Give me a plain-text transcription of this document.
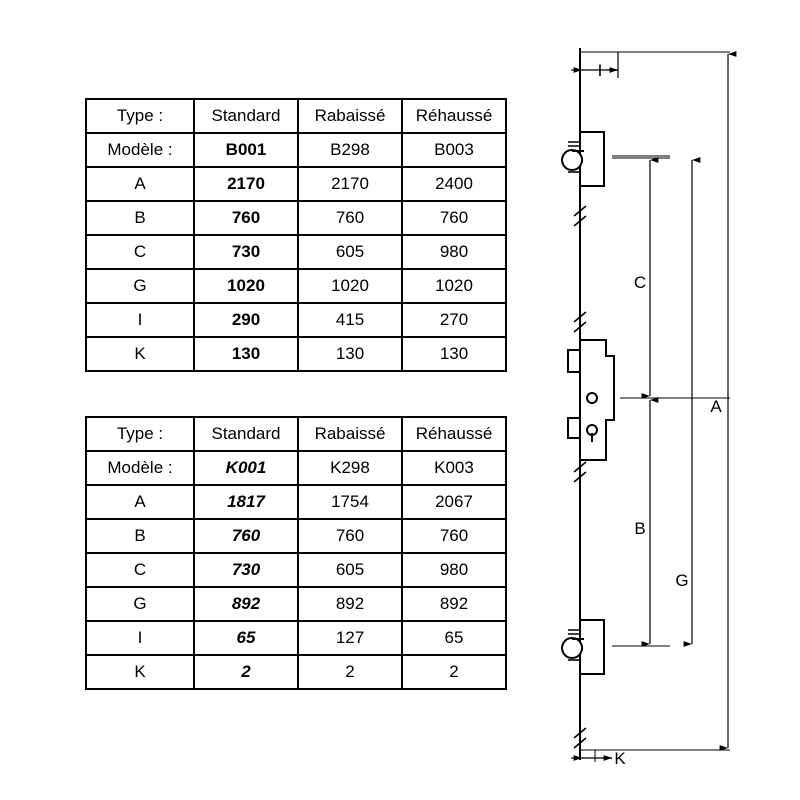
Type :	Standard	Rabaissé	Réhaussé
Modèle :	B001	B298	B003
A	2170	2170	2400
B	760	760	760
C	730	605	980
G	1020	1020	1020
I	290	415	270
K	130	130	130
Type :	Standard	Rabaissé	Réhaussé
Modèle :	K001	K298	K003
A	1817	1754	2067
B	760	760	760
C	730	605	980
G	892	892	892
I	65	127	65
K	2	2	2
I
C
A
B
G
K
